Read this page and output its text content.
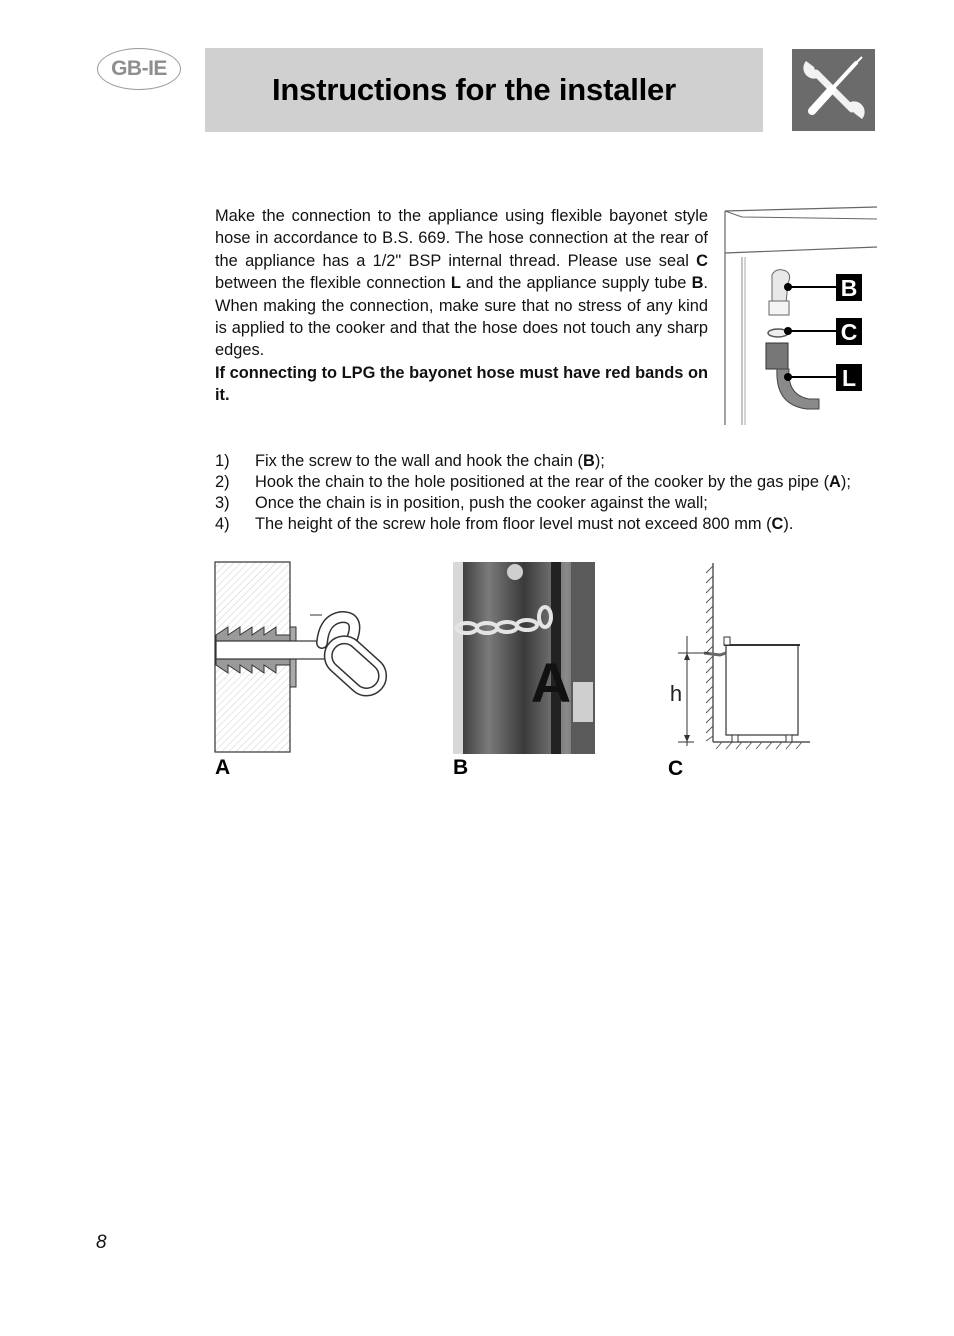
GB-IE
Instructions for the installer

Make the connection to the appliance using flexible bayonet style hose in accordance to B.S. 669. The hose connection at the rear of the appliance has a 1/2" BSP internal thread. Please use seal C between the flexible connection L and the appliance supply tube B. When making the connection, make sure that no stress of any kind is applied to the cooker and that the hose does not touch any sharp edges.

If connecting to LPG the bayonet hose must have red bands on it.

B
C
L
1)	Fix the screw to the wall and hook the chain (B);
2)	Hook the chain to the hole positioned at the rear of the cooker by the gas pipe (A);
3)	Once the chain is in position, push the cooker against the wall;
4)	The height of the screw hole from floor level must not exceed 800 mm (C).
A
A
B
h
C
8
